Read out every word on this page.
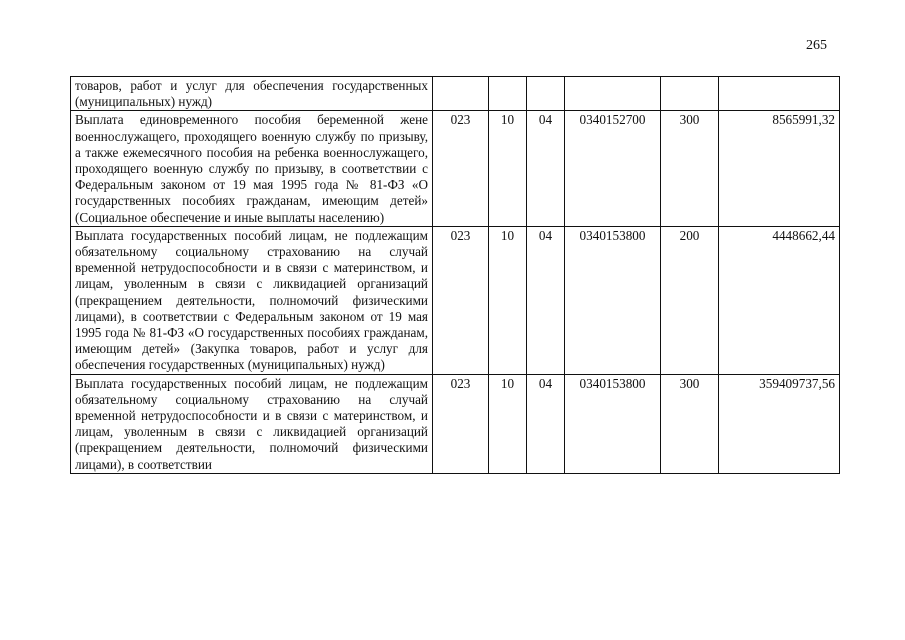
265
товаров, работ и услуг для обеспечения государственных (муниципальных) нужд)						
Выплата единовременного пособия беременной жене военнослужащего, проходящего военную службу по призыву, а также ежемесячного пособия на ребенка военнослужащего, проходящего военную службу по призыву, в соответствии с Федеральным законом от 19 мая 1995 года № 81-ФЗ «О государственных пособиях гражданам, имеющим детей» (Социальное обеспечение и иные выплаты населению)	023	10	04	0340152700	300	8565991,32
Выплата государственных пособий лицам, не подлежащим обязательному социальному страхованию на случай временной нетрудоспособности и в связи с материнством, и лицам, уволенным в связи с ликвидацией организаций (прекращением деятельности, полномочий физическими лицами), в соответствии с Федеральным законом от 19 мая 1995 года № 81-ФЗ «О государственных пособиях гражданам, имеющим детей» (Закупка товаров, работ и услуг для обеспечения государственных (муниципальных) нужд)	023	10	04	0340153800	200	4448662,44
Выплата государственных пособий лицам, не подлежащим обязательному социальному страхованию на случай временной нетрудоспособности и в связи с материнством, и лицам, уволенным в связи с ликвидацией организаций (прекращением деятельности, полномочий физическими лицами), в соответствии	023	10	04	0340153800	300	359409737,56
